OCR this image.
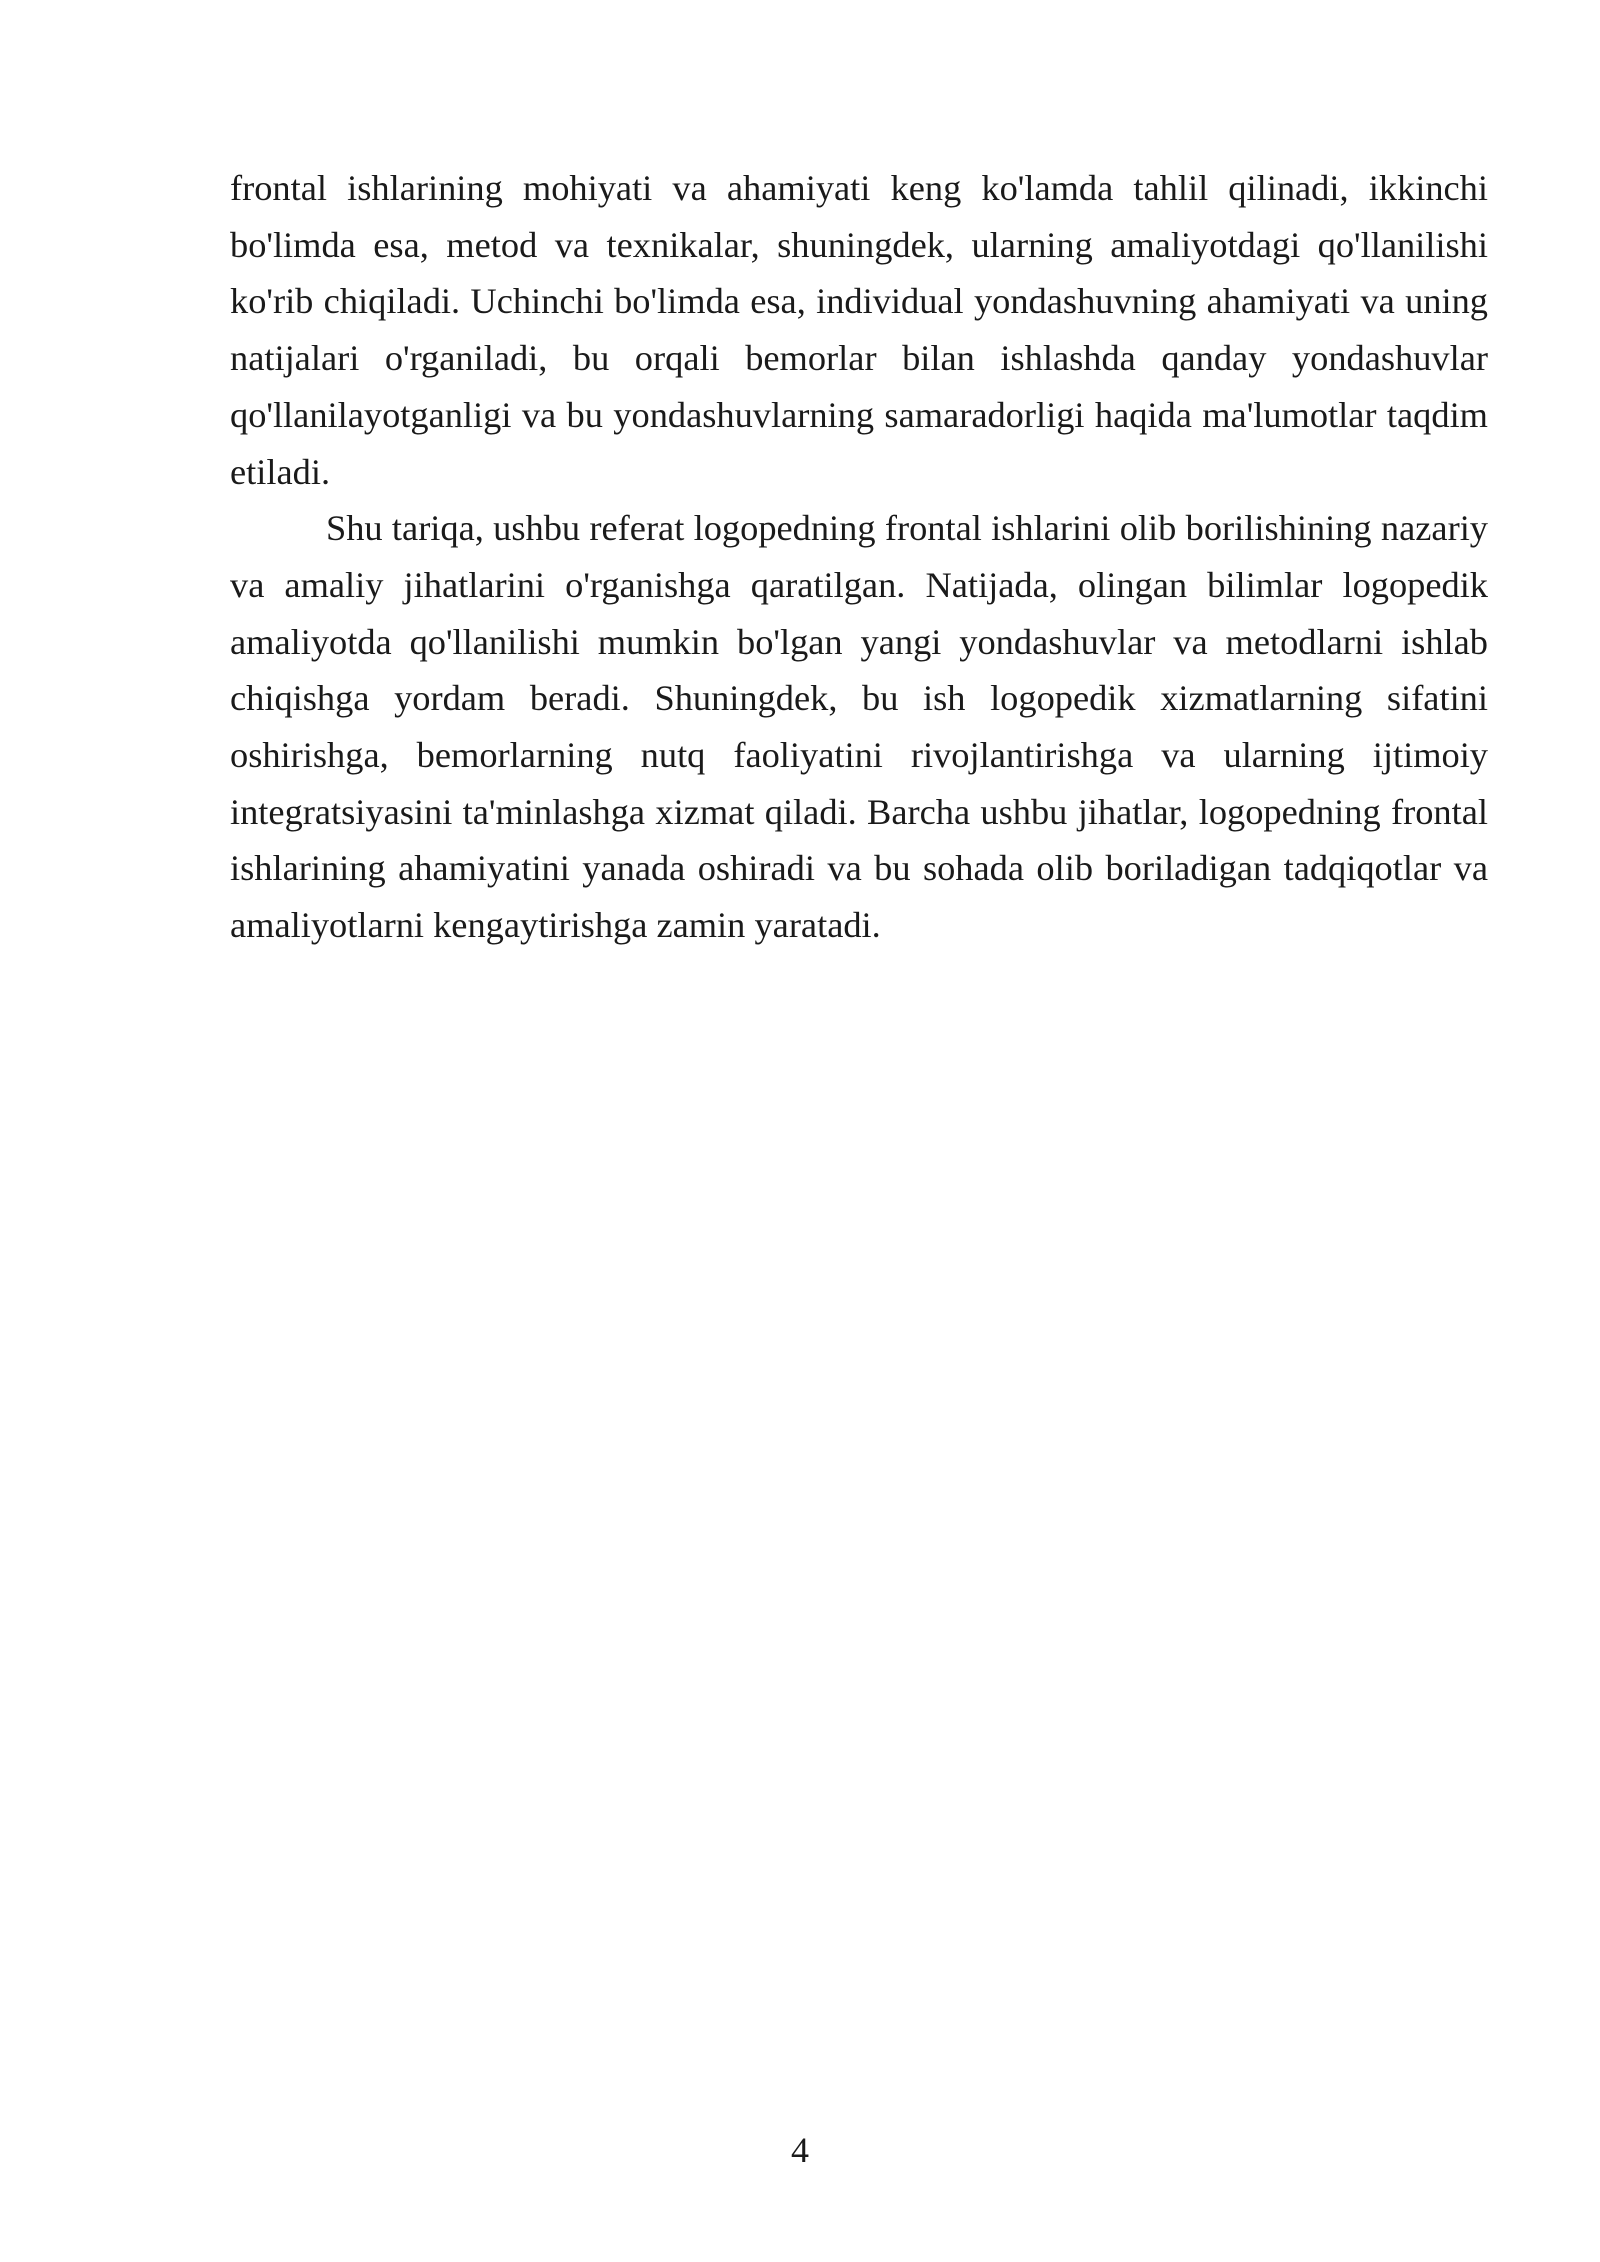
frontal ishlarining mohiyati va ahamiyati keng ko'lamda tahlil qilinadi, ikkinchi bo'limda esa, metod va texnikalar, shuningdek, ularning amaliyotdagi qo'llanilishi ko'rib chiqiladi. Uchinchi bo'limda esa, individual yondashuvning ahamiyati va uning natijalari o'rganiladi, bu orqali bemorlar bilan ishlashda qanday yondashuvlar qo'llanilayotganligi va bu yondashuvlarning samaradorligi haqida ma'lumotlar taqdim etiladi.

Shu tariqa, ushbu referat logopedning frontal ishlarini olib borilishining nazariy va amaliy jihatlarini o'rganishga qaratilgan. Natijada, olingan bilimlar logopedik amaliyotda qo'llanilishi mumkin bo'lgan yangi yondashuvlar va metodlarni ishlab chiqishga yordam beradi. Shuningdek, bu ish logopedik xizmatlarning sifatini oshirishga, bemorlarning nutq faoliyatini rivojlantirishga va ularning ijtimoiy integratsiyasini ta'minlashga xizmat qiladi. Barcha ushbu jihatlar, logopedning frontal ishlarining ahamiyatini yanada oshiradi va bu sohada olib boriladigan tadqiqotlar va amaliyotlarni kengaytirishga zamin yaratadi.

4
